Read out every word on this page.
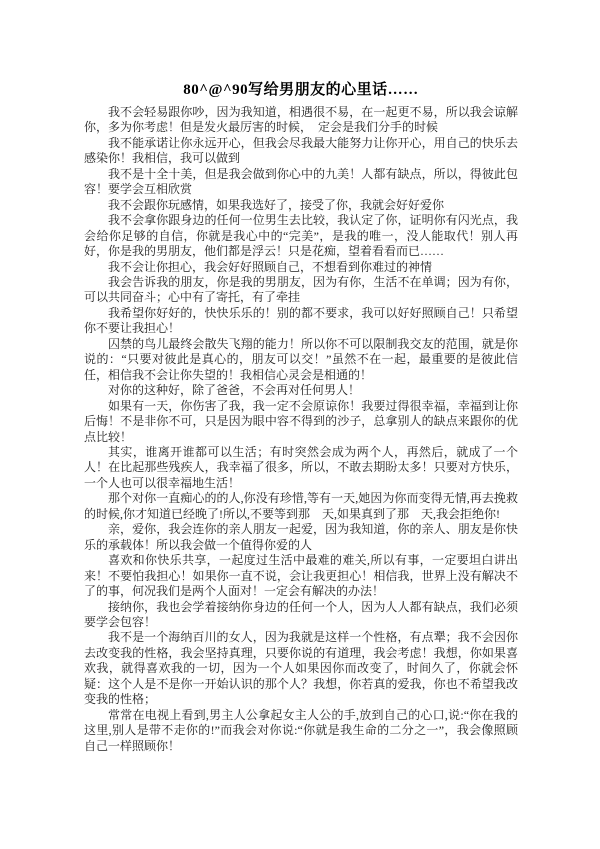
80^@^90写给男朋友的心里话……

我不会轻易跟你吵，因为我知道，相遇很不易，在一起更不易，所以我会谅解你，多为你考虑！但是发火最厉害的时候，　定会是我们分手的时候

我不能承诺让你永远开心，但我会尽我最大能努力让你开心，用自己的快乐去感染你！我相信，我可以做到

我不是十全十美，但是我会做到你心中的九美！人都有缺点，所以，得彼此包容！要学会互相欣赏

我不会跟你玩感情，如果我选好了，接受了你，我就会好好爱你

我不会拿你跟身边的任何一位男生去比较，我认定了你，证明你有闪光点，我会给你足够的自信，你就是我心中的“完美”，是我的唯一，没人能取代！别人再好，你是我的男朋友，他们都是浮云！只是花痴，望着看看而已……

我不会让你担心，我会好好照顾自己，不想看到你难过的神情

我会告诉我的朋友，你是我的男朋友，因为有你，生活不在单调；因为有你，可以共同奋斗；心中有了寄托，有了牵挂

我希望你好好的，快快乐乐的！别的都不要求，我可以好好照顾自己！只希望你不要让我担心！

囚禁的鸟儿最终会散失飞翔的能力！所以你不可以限制我交友的范围，就是你说的：“只要对彼此是真心的，朋友可以交！”虽然不在一起，最重要的是彼此信任，相信我不会让你失望的！我相信心灵会是相通的！

对你的这种好，除了爸爸，不会再对任何男人！

如果有一天，你伤害了我，我一定不会原谅你！我要过得很幸福，幸福到让你后悔！不是非你不可，只是因为眼中容不得到的沙子，总拿别人的缺点来跟你的优点比较！

其实，谁离开谁都可以生活；有时突然会成为两个人，再然后，就成了一个人！在比起那些残疾人，我幸福了很多，所以，不敢去期盼太多！只要对方快乐，一个人也可以很幸福地生活！

那个对你一直痴心的的人,你没有珍惜,等有一天,她因为你而变得无情,再去挽救的时候,你才知道已经晚了!所以,不要等到那　天,如果真到了那　天,我会拒绝你!

亲，爱你，我会连你的亲人朋友一起爱，因为我知道，你的亲人、朋友是你快乐的承载体！所以我会做一个值得你爱的人

喜欢和你快乐共享，一起度过生活中最难的难关,所以有事，一定要坦白讲出来！不要怕我担心！如果你一直不说，会让我更担心！相信我，世界上没有解决不了的事，何况我们是两个人面对！一定会有解决的办法！

接纳你，我也会学着接纳你身边的任何一个人，因为人人都有缺点，我们必须要学会包容！

我不是一个海纳百川的女人，因为我就是这样一个性格，有点犟；我不会因你去改变我的性格，我会坚持真理，只要你说的有道理，我会考虑！我想，你如果喜欢我，就得喜欢我的一切，因为一个人如果因你而改变了，时间久了，你就会怀疑：这个人是不是你一开始认识的那个人？我想，你若真的爱我，你也不希望我改变我的性格；

常常在电视上看到,男主人公拿起女主人公的手,放到自己的心口,说:“你在我的这里,别人是带不走你的!”而我会对你说:“你就是我生命的二分之一”，我会像照顾自己一样照顾你！
